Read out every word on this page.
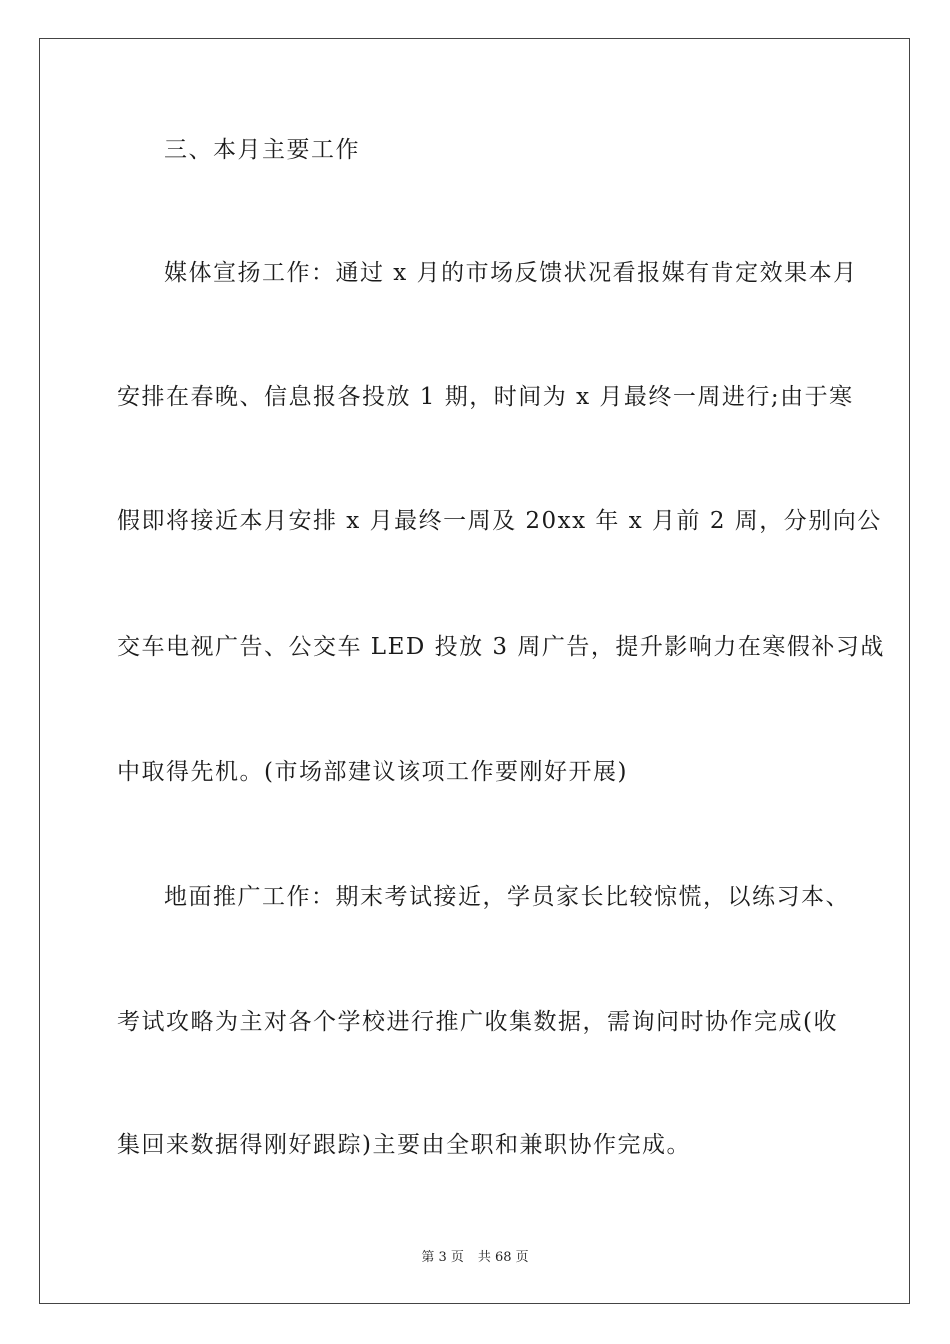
三、本月主要工作

媒体宣扬工作：通过 x 月的市场反馈状况看报媒有肯定效果本月

安排在春晚、信息报各投放 1 期，时间为 x 月最终一周进行;由于寒

假即将接近本月安排 x 月最终一周及 20xx 年 x 月前 2 周，分别向公

交车电视广告、公交车 LED 投放 3 周广告，提升影响力在寒假补习战

中取得先机。(市场部建议该项工作要刚好开展)

地面推广工作：期末考试接近，学员家长比较惊慌，以练习本、

考试攻略为主对各个学校进行推广收集数据，需询问时协作完成(收

集回来数据得刚好跟踪)主要由全职和兼职协作完成。

第 3 页 共 68 页
